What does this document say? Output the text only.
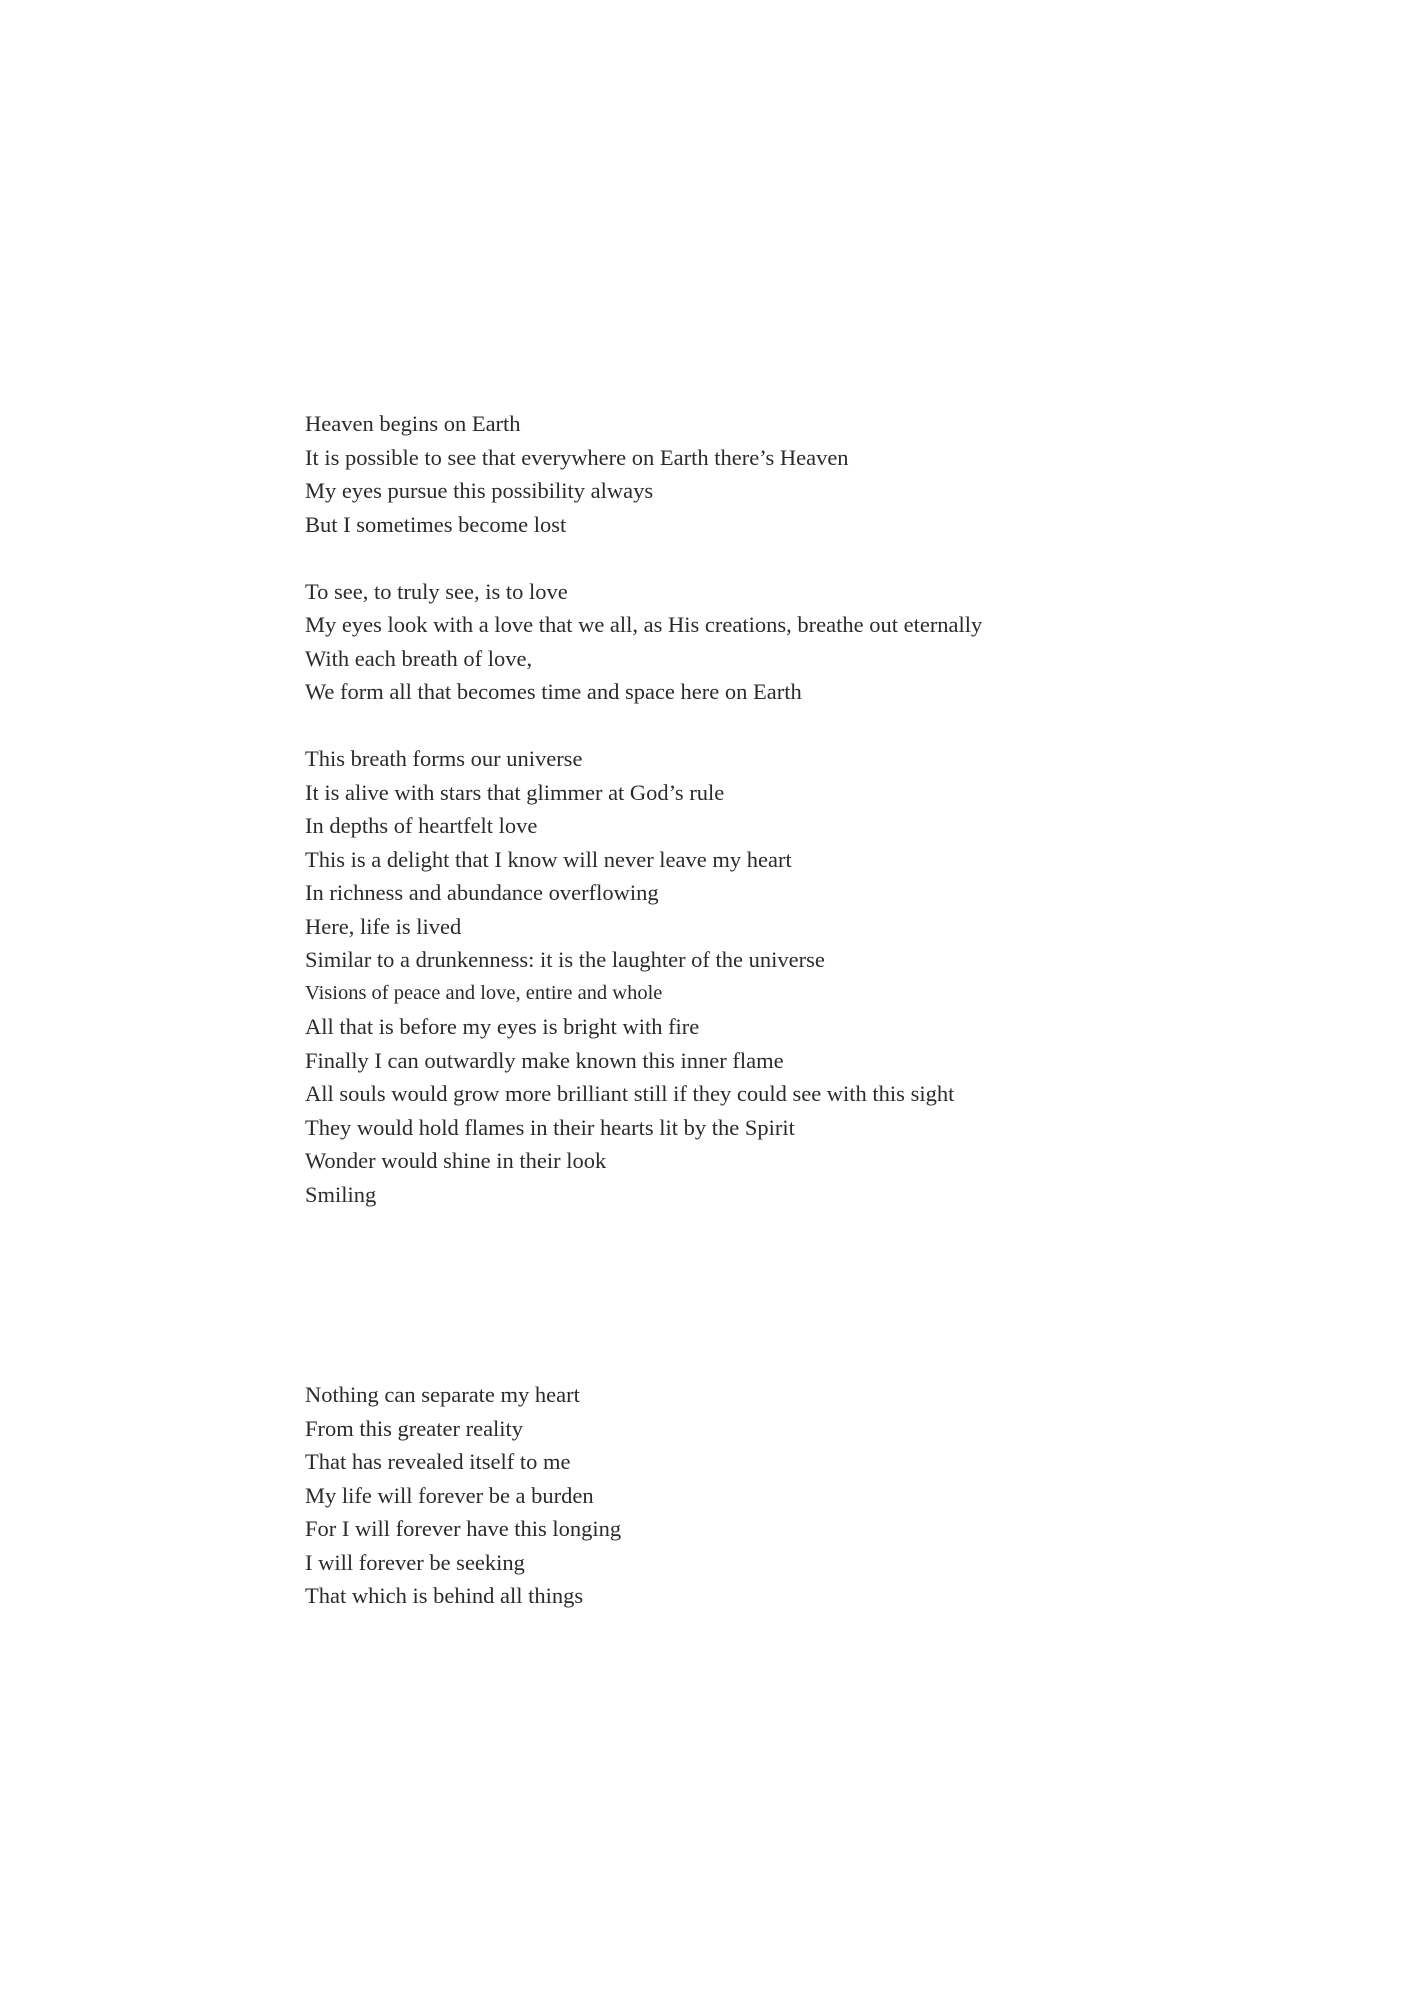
Heaven begins on Earth
It is possible to see that everywhere on Earth there’s Heaven
My eyes pursue this possibility always
But I sometimes become lost
To see, to truly see, is to love
My eyes look with a love that we all, as His creations, breathe out eternally
With each breath of love,
We form all that becomes time and space here on Earth
This breath forms our universe
It is alive with stars that glimmer at God’s rule
In depths of heartfelt love
This is a delight that I know will never leave my heart
In richness and abundance overflowing
Here, life is lived
Similar to a drunkenness: it is the laughter of the universe
Visions of peace and love, entire and whole
All that is before my eyes is bright with fire
Finally I can outwardly make known this inner flame
All souls would grow more brilliant still if they could see with this sight
They would hold flames in their hearts lit by the Spirit
Wonder would shine in their look
Smiling
Nothing can separate my heart
From this greater reality
That has revealed itself to me
My life will forever be a burden
For I will forever have this longing
I will forever be seeking
That which is behind all things
